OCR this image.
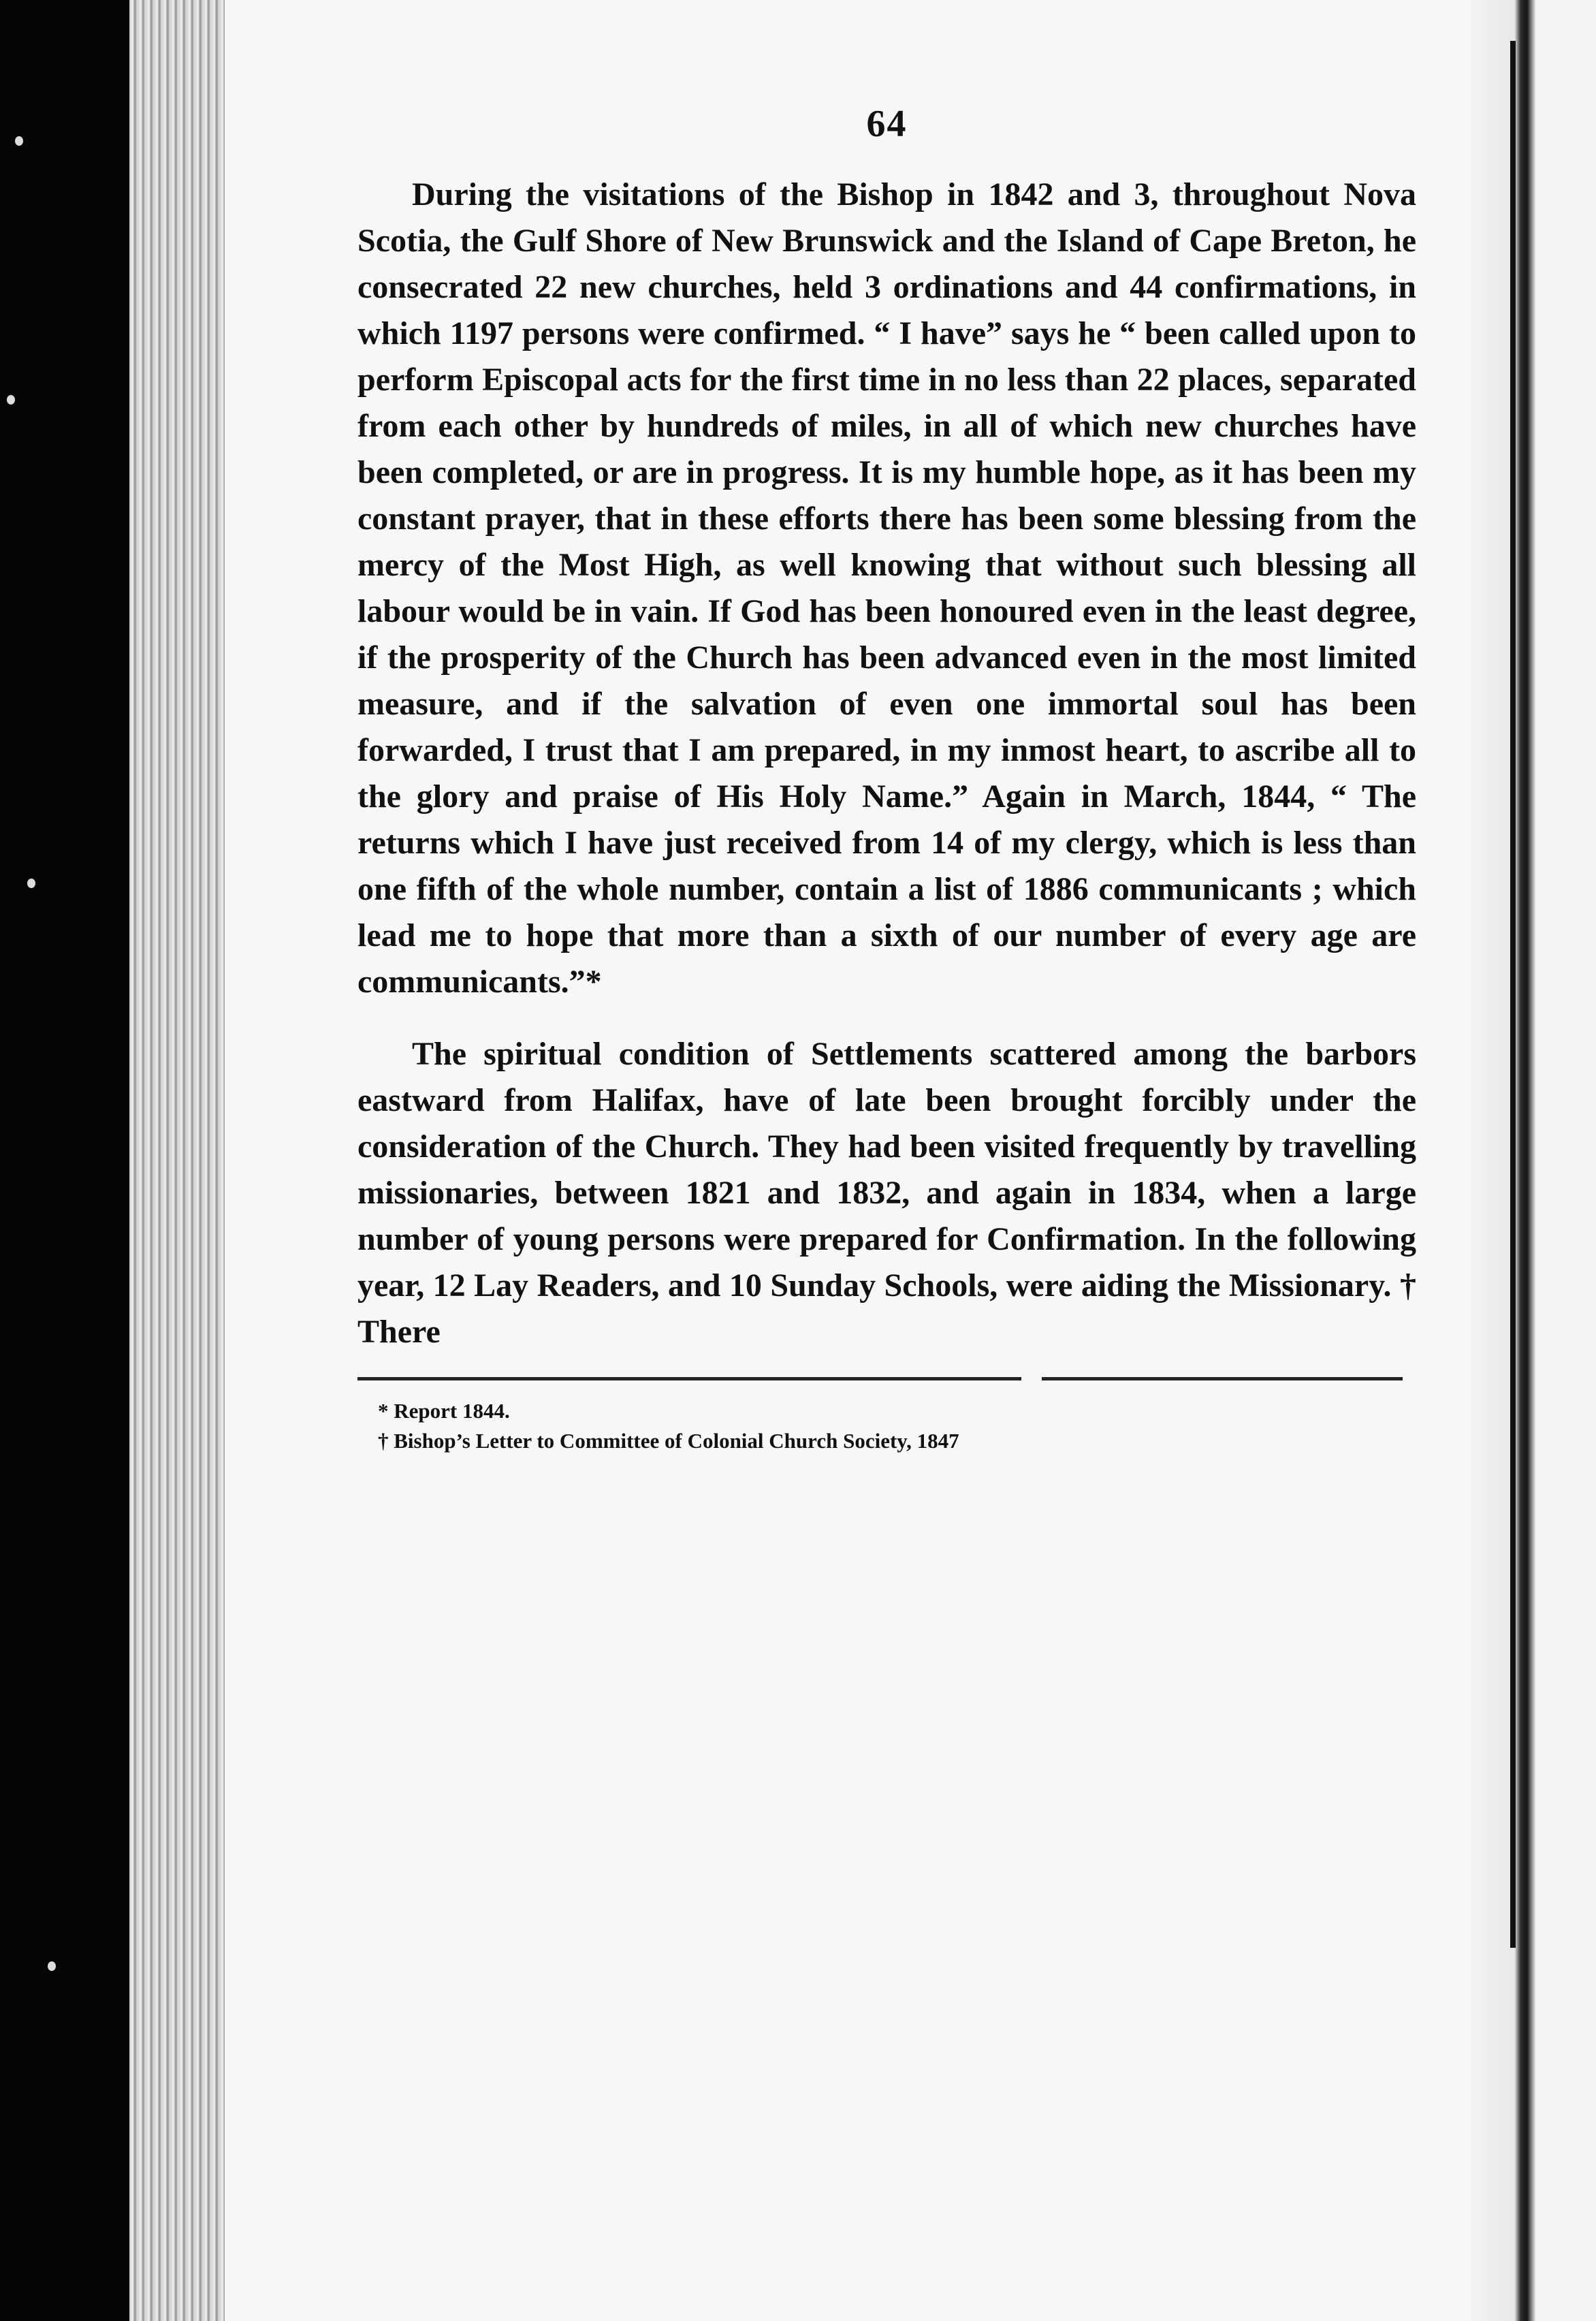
64

During the visitations of the Bishop in 1842 and 3, throughout Nova Scotia, the Gulf Shore of New Brunswick and the Island of Cape Breton, he consecrated 22 new churches, held 3 ordinations and 44 confirmations, in which 1197 persons were confirmed. “ I have” says he “ been called upon to perform Episcopal acts for the first time in no less than 22 places, separated from each other by hundreds of miles, in all of which new churches have been completed, or are in progress. It is my humble hope, as it has been my constant prayer, that in these efforts there has been some blessing from the mercy of the Most High, as well knowing that without such blessing all labour would be in vain. If God has been honoured even in the least degree, if the prosperity of the Church has been advanced even in the most limited measure, and if the salvation of even one immortal soul has been forwarded, I trust that I am prepared, in my inmost heart, to ascribe all to the glory and praise of His Holy Name.” Again in March, 1844, “ The returns which I have just received from 14 of my clergy, which is less than one fifth of the whole number, contain a list of 1886 communicants ; which lead me to hope that more than a sixth of our number of every age are communicants.”*

The spiritual condition of Settlements scattered among the barbors eastward from Halifax, have of late been brought forcibly under the consideration of the Church. They had been visited frequently by travelling missionaries, between 1821 and 1832, and again in 1834, when a large number of young persons were prepared for Confirmation. In the following year, 12 Lay Readers, and 10 Sunday Schools, were aiding the Missionary. † There

* Report 1844.
† Bishop’s Letter to Committee of Colonial Church Society, 1847
